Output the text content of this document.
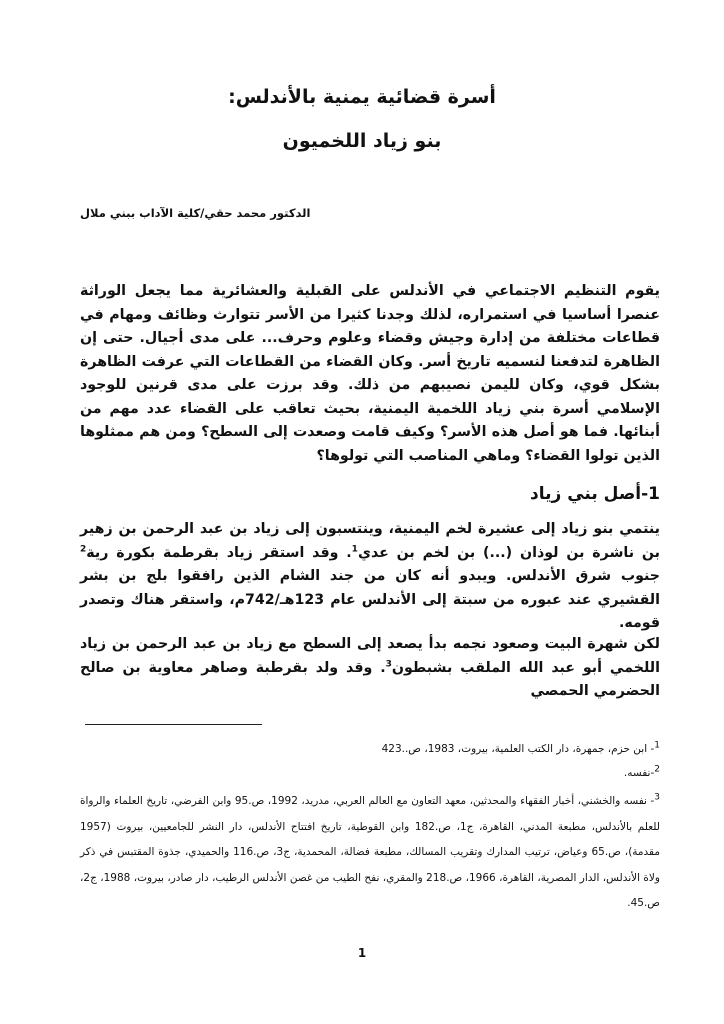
أسرة قضائية يمنية بالأندلس:
بنو زياد اللخميون
الدكتور محمد حقي/كلية الآداب ببني ملال

يقوم التنظيم الاجتماعي في الأندلس على القبلية والعشائرية مما يجعل الوراثة عنصرا أساسيا في استمراره، لذلك وجدنا كثيرا من الأسر تتوارث وظائف ومهام في قطاعات مختلفة من إدارة وجيش وقضاء وعلوم وحرف... على مدى أجيال. حتى إن الظاهرة لتدفعنا لنسميه تاريخ أسر. وكان القضاء من القطاعات التي عرفت الظاهرة بشكل قوي، وكان لليمن نصيبهم من ذلك. وقد برزت على مدى قرنين للوجود الإسلامي أسرة بني زياد اللخمية اليمنية، بحيث تعاقب على القضاء عدد مهم من أبنائها. فما هو أصل هذه الأسر؟ وكيف قامت وصعدت إلى السطح؟ ومن هم ممثلوها الذين تولوا القضاء؟ وماهي المناصب التي تولوها؟

1-أصل بني زياد

ينتمي بنو زياد إلى عشيرة لخم اليمنية، وينتسبون إلى زياد بن عبد الرحمن بن زهير بن ناشرة بن لوذان (...) بن لخم بن عدي$^1$. وقد استقر زياد بقرطمة بكورة رية$^2$ جنوب شرق الأندلس. ويبدو أنه كان من جند الشام الذين رافقوا بلج بن بشر القشيري عند عبوره من سبتة إلى الأندلس عام 123هـ/742م، واستقر هناك وتصدر قومه.

لكن شهرة البيت وصعود نجمه بدأ يصعد إلى السطح مع زياد بن عبد الرحمن بن زياد اللخمي أبو عبد الله الملقب بشبطون$^3$. وقد ولد بقرطبة وصاهر معاوية بن صالح الحضرمي الحمصي

$^1$- ابن حزم، جمهرة، دار الكتب العلمية، بيروت، 1983، ص..423

$^2$-نفسه.

$^3$- نفسه والخشني، أخبار الفقهاء والمحدثين، معهد التعاون مع العالم العربي، مدريد، 1992، ص.95 وابن الفرضي، تاريخ العلماء والرواة للعلم بالأندلس، مطبعة المدني، القاهرة، ج1، ص.182 وابن القوطية، تاريخ افتتاح الأندلس، دار النشر للجامعيين، بيروت (1957 مقدمة)، ص.65 وعياض، ترتيب المدارك وتقريب المسالك، مطبعة فضالة، المحمدية، ج3، ص.116 والحميدي، جذوة المقتبس في ذكر ولاة الأندلس، الدار المصرية، القاهرة، 1966، ص.218 والمقري، نفح الطيب من غصن الأندلس الرطيب، دار صادر، بيروت، 1988، ج2، ص.45.

1
